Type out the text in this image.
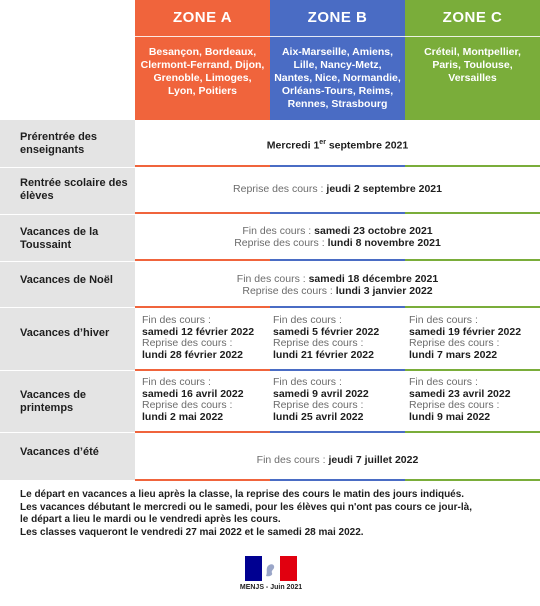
ZONE A
Besançon, Bordeaux, Clermont-Ferrand, Dijon, Grenoble, Limoges, Lyon, Poitiers
ZONE B
Aix-Marseille, Amiens, Lille, Nancy-Metz, Nantes, Nice, Normandie, Orléans-Tours, Reims, Rennes, Strasbourg
ZONE C
Créteil, Montpellier, Paris, Toulouse, Versailles
Prérentrée des enseignants
Rentrée scolaire des élèves
Vacances de la Toussaint
Vacances de Noël
Vacances d’hiver
Vacances de printemps
Vacances d’été
Mercredi 1er septembre 2021
Reprise des cours : jeudi 2 septembre 2021
Fin des cours : samedi 23 octobre 2021
Reprise des cours : lundi 8 novembre 2021
Fin des cours : samedi 18 décembre 2021
Reprise des cours : lundi 3 janvier 2022
Fin des cours :
samedi 12 février 2022
Reprise des cours :
lundi 28 février 2022
Fin des cours :
samedi 5 février 2022
Reprise des cours :
lundi 21 février 2022
Fin des cours :
samedi 19 février 2022
Reprise des cours :
lundi 7 mars 2022
Fin des cours :
samedi 16 avril 2022
Reprise des cours :
lundi 2 mai 2022
Fin des cours :
samedi 9 avril 2022
Reprise des cours :
lundi 25 avril 2022
Fin des cours :
samedi 23 avril 2022
Reprise des cours :
lundi 9 mai 2022
Fin des cours : jeudi 7 juillet 2022
Le départ en vacances a lieu après la classe, la reprise des cours le matin des jours indiqués.
Les vacances débutant le mercredi ou le samedi, pour les élèves qui n'ont pas cours ce jour-là,
le départ a lieu le mardi ou le vendredi après les cours.
Les classes vaqueront le vendredi 27 mai 2022 et le samedi 28 mai 2022.
MENJS - Juin 2021
